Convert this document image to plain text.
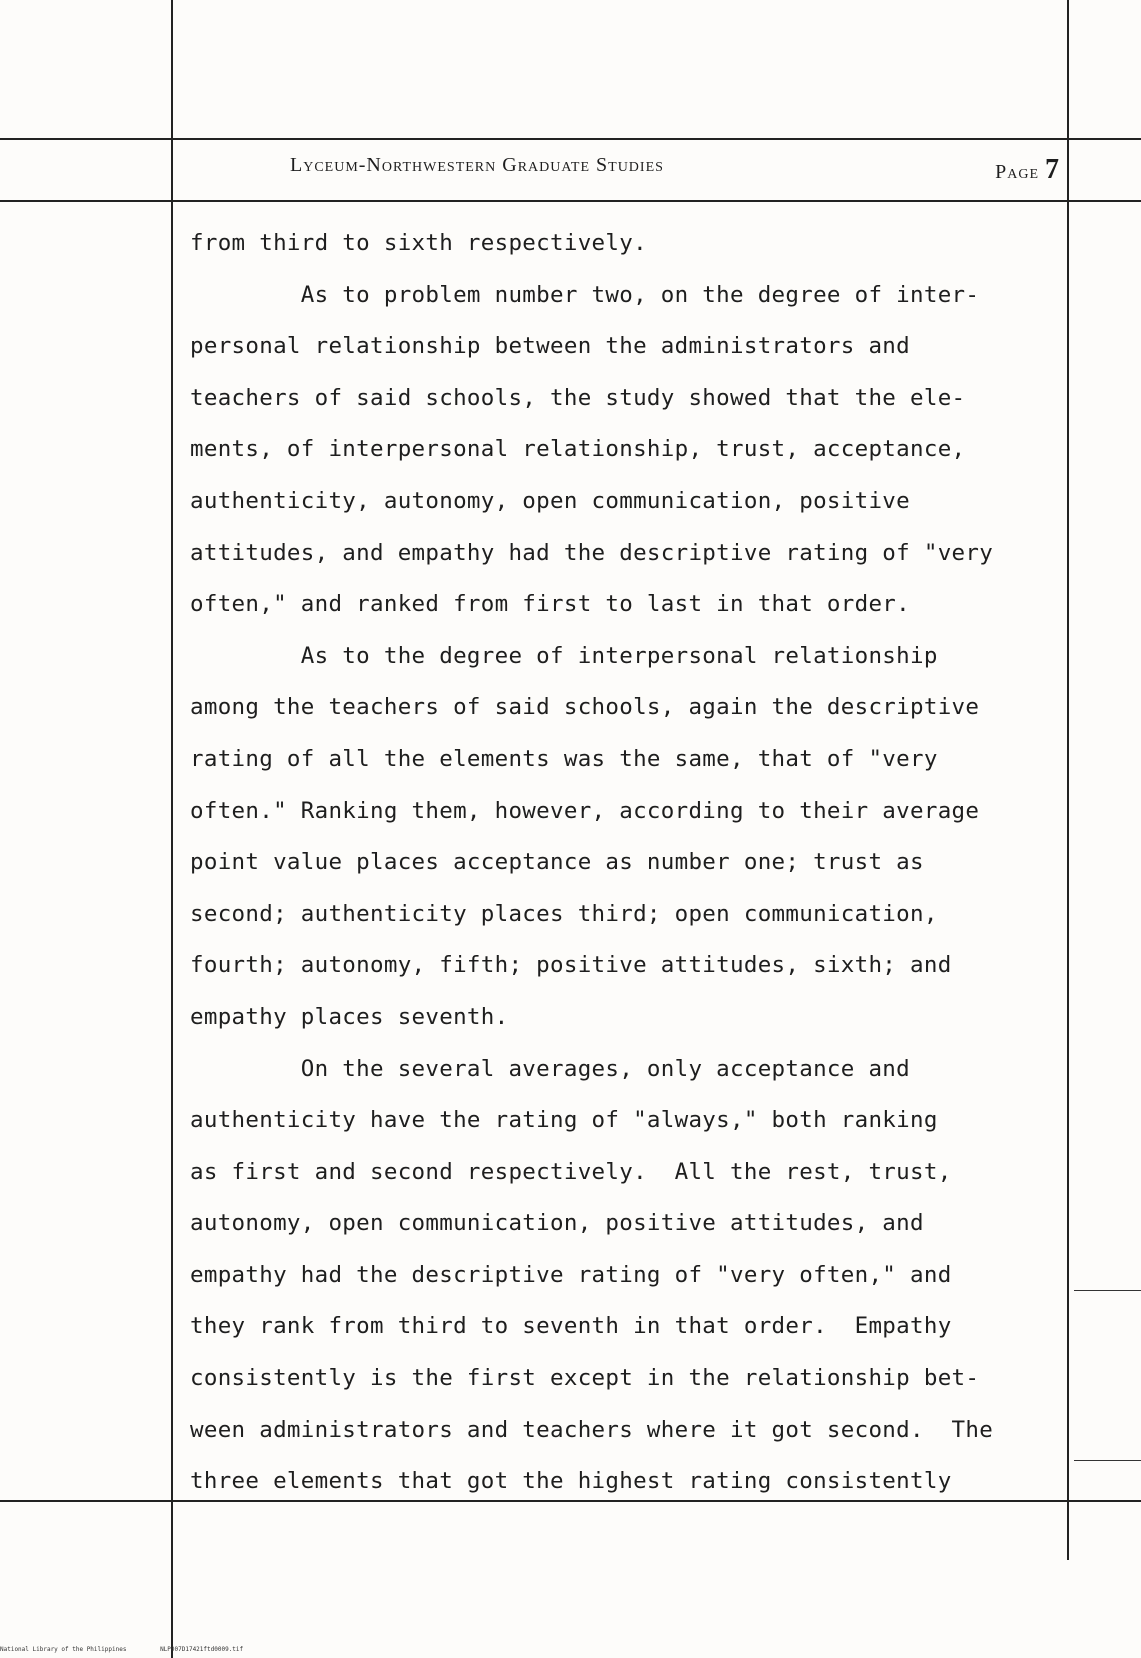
Lyceum-Northwestern Graduate Studies	Page 7
from third to sixth respectively.
As to problem number two, on the degree of inter-
personal relationship between the administrators and
teachers of said schools, the study showed that the ele-
ments, of interpersonal relationship, trust, acceptance,
authenticity, autonomy, open communication, positive
attitudes, and empathy had the descriptive rating of "very
often," and ranked from first to last in that order.
As to the degree of interpersonal relationship
among the teachers of said schools, again the descriptive
rating of all the elements was the same, that of "very
often." Ranking them, however, according to their average
point value places acceptance as number one; trust as
second; authenticity places third; open communication,
fourth; autonomy, fifth; positive attitudes, sixth; and
empathy places seventh.
On the several averages, only acceptance and
authenticity have the rating of "always," both ranking
as first and second respectively.  All the rest, trust,
autonomy, open communication, positive attitudes, and
empathy had the descriptive rating of "very often," and
they rank from third to seventh in that order.  Empathy
consistently is the first except in the relationship bet-
ween administrators and teachers where it got second.  The
three elements that got the highest rating consistently
National Library of the Philippines	NLP007D17421ftd0009.tif
